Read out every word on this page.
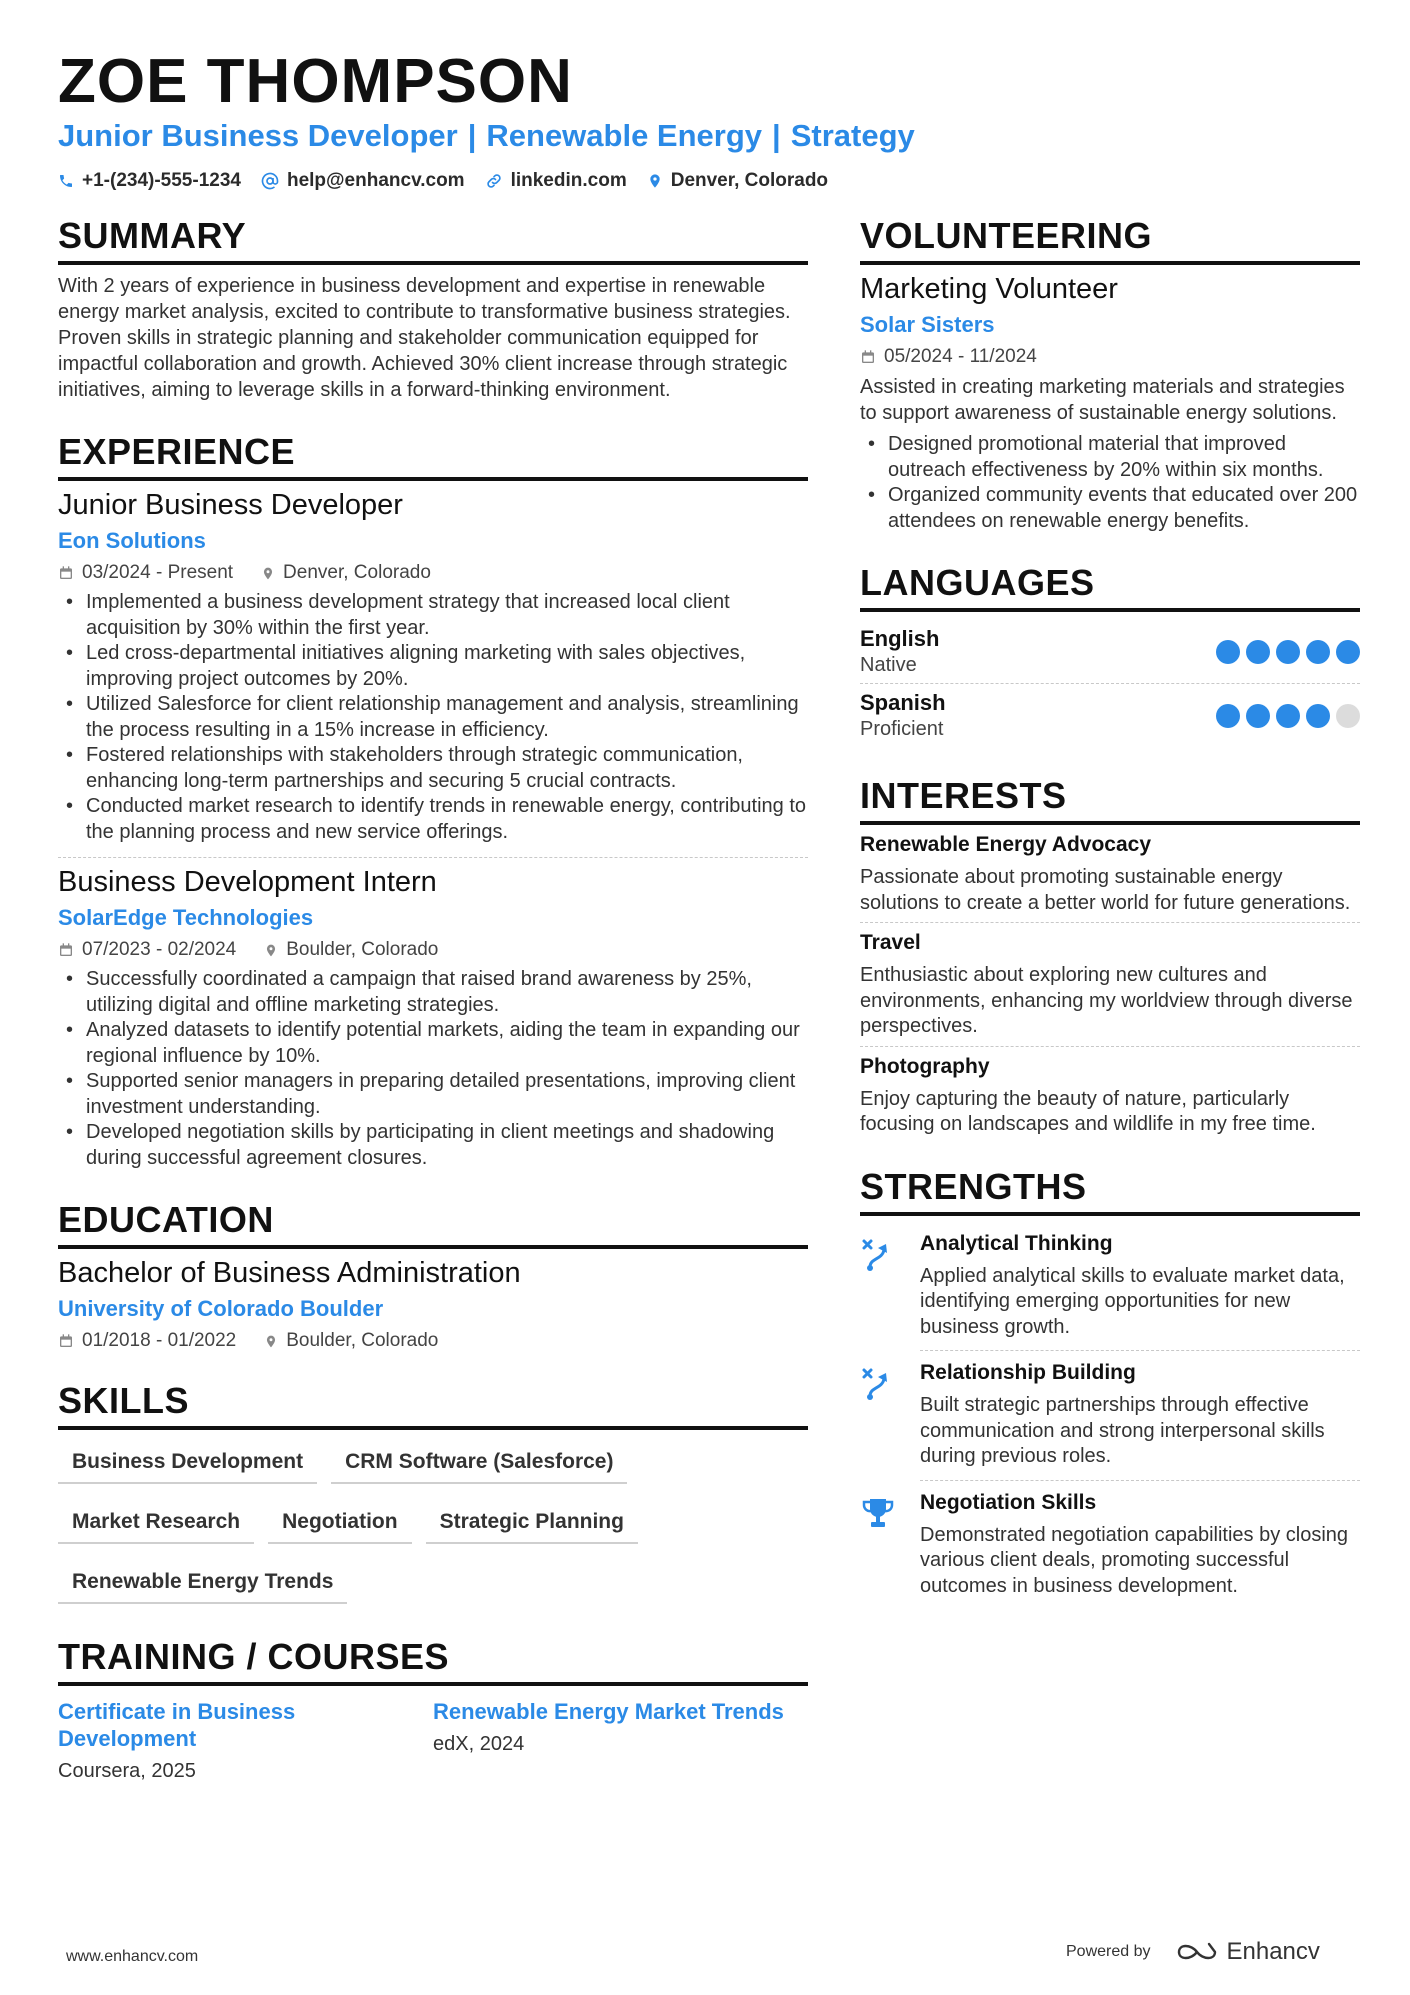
ZOE THOMPSON
Junior Business Developer | Renewable Energy | Strategy
+1-(234)-555-1234 help@enhancv.com linkedin.com Denver, Colorado
SUMMARY
With 2 years of experience in business development and expertise in renewable energy market analysis, excited to contribute to transformative business strategies. Proven skills in strategic planning and stakeholder communication equipped for impactful collaboration and growth. Achieved 30% client increase through strategic initiatives, aiming to leverage skills in a forward-thinking environment.
EXPERIENCE
Junior Business Developer
Eon Solutions
03/2024 - Present	Denver, Colorado
• Implemented a business development strategy that increased local client acquisition by 30% within the first year.
• Led cross-departmental initiatives aligning marketing with sales objectives, improving project outcomes by 20%.
• Utilized Salesforce for client relationship management and analysis, streamlining the process resulting in a 15% increase in efficiency.
• Fostered relationships with stakeholders through strategic communication, enhancing long-term partnerships and securing 5 crucial contracts.
• Conducted market research to identify trends in renewable energy, contributing to the planning process and new service offerings.
Business Development Intern
SolarEdge Technologies
07/2023 - 02/2024	Boulder, Colorado
• Successfully coordinated a campaign that raised brand awareness by 25%, utilizing digital and offline marketing strategies.
• Analyzed datasets to identify potential markets, aiding the team in expanding our regional influence by 10%.
• Supported senior managers in preparing detailed presentations, improving client investment understanding.
• Developed negotiation skills by participating in client meetings and shadowing during successful agreement closures.
EDUCATION
Bachelor of Business Administration
University of Colorado Boulder
01/2018 - 01/2022	Boulder, Colorado
SKILLS
Business Development	CRM Software (Salesforce)
Market Research	Negotiation	Strategic Planning
Renewable Energy Trends
TRAINING / COURSES
Certificate in Business Development
Coursera, 2025
Renewable Energy Market Trends
edX, 2024
VOLUNTEERING
Marketing Volunteer
Solar Sisters
05/2024 - 11/2024
Assisted in creating marketing materials and strategies to support awareness of sustainable energy solutions.
• Designed promotional material that improved outreach effectiveness by 20% within six months.
• Organized community events that educated over 200 attendees on renewable energy benefits.
LANGUAGES
English
Native
Spanish
Proficient
INTERESTS
Renewable Energy Advocacy
Passionate about promoting sustainable energy solutions to create a better world for future generations.
Travel
Enthusiastic about exploring new cultures and environments, enhancing my worldview through diverse perspectives.
Photography
Enjoy capturing the beauty of nature, particularly focusing on landscapes and wildlife in my free time.
STRENGTHS
Analytical Thinking
Applied analytical skills to evaluate market data, identifying emerging opportunities for new business growth.
Relationship Building
Built strategic partnerships through effective communication and strong interpersonal skills during previous roles.
Negotiation Skills
Demonstrated negotiation capabilities by closing various client deals, promoting successful outcomes in business development.
www.enhancv.com	Powered by	Enhancv
